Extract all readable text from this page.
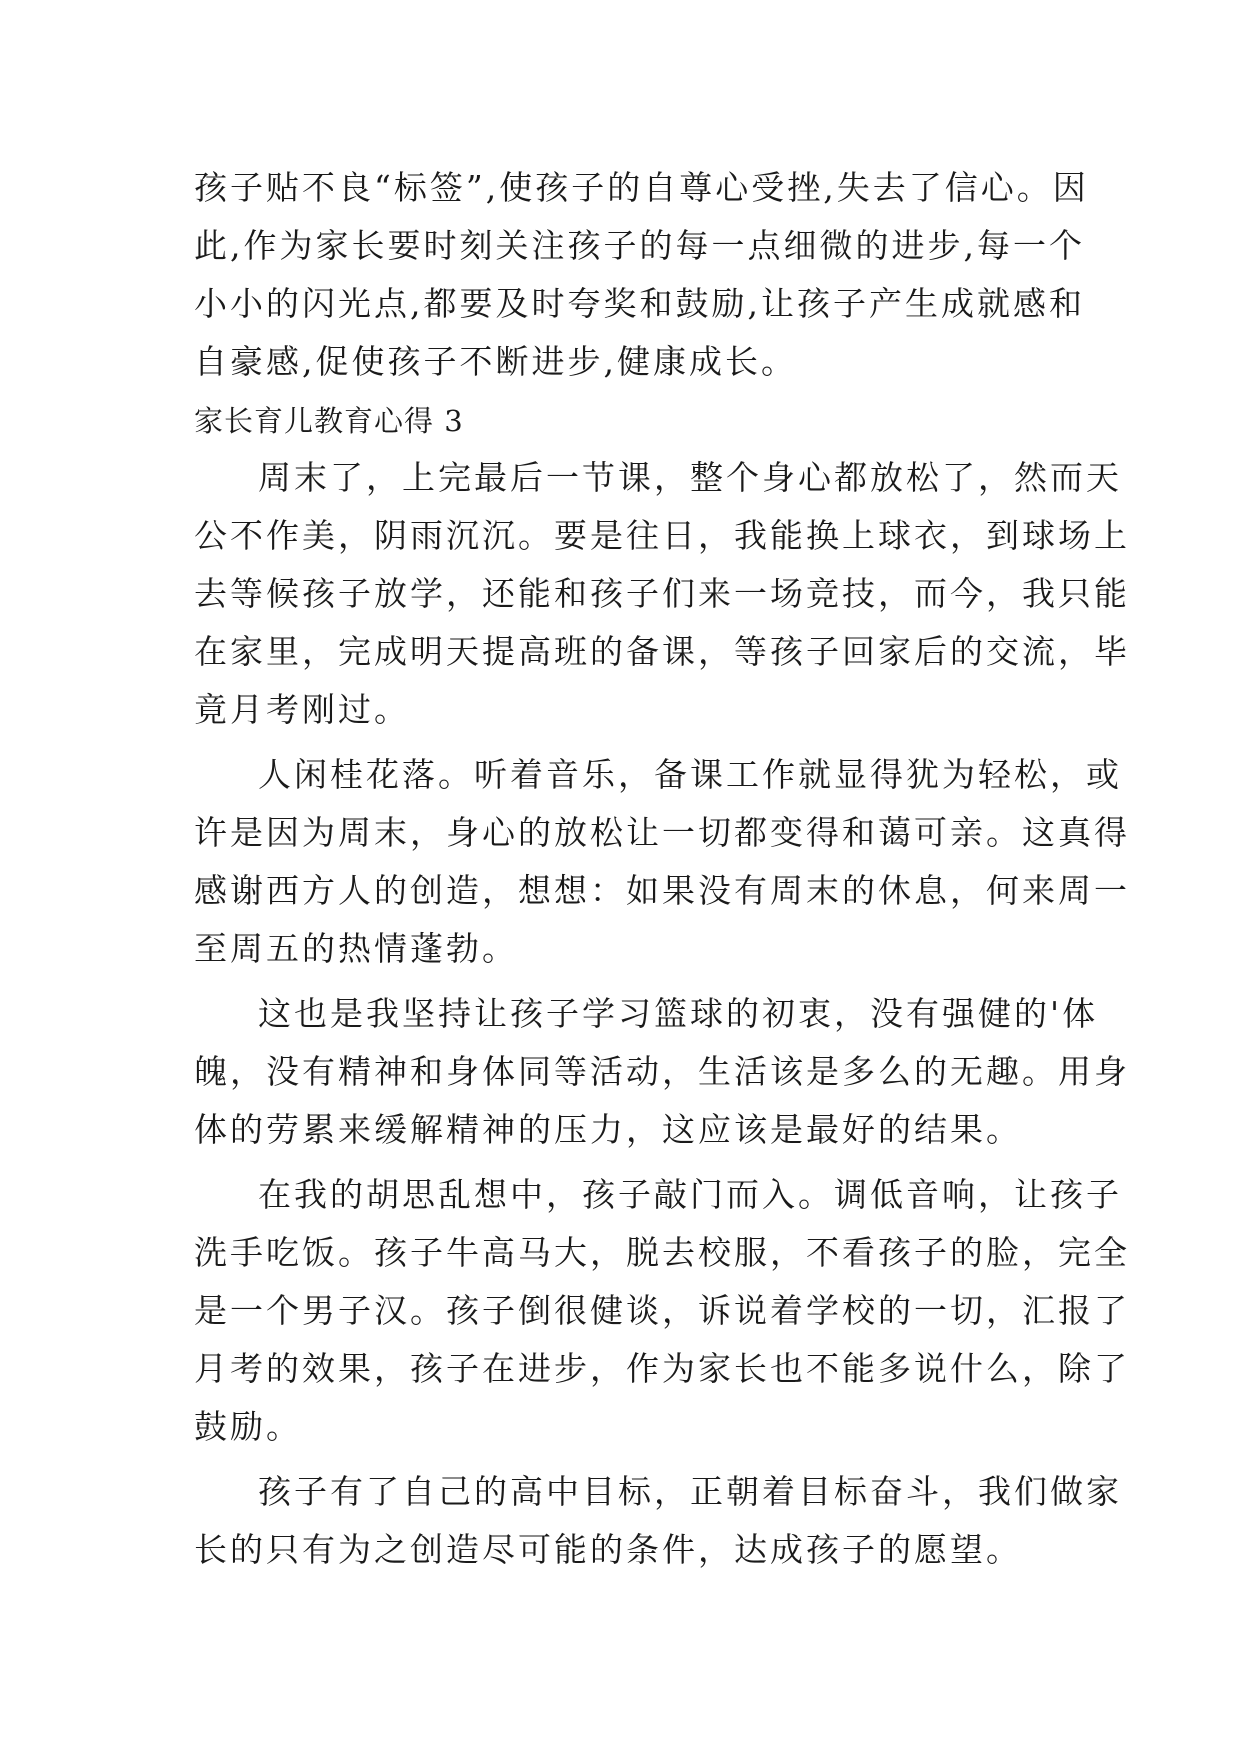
孩子贴不良“标签”,使孩子的自尊心受挫,失去了信心。因
此,作为家长要时刻关注孩子的每一点细微的进步,每一个
小小的闪光点,都要及时夸奖和鼓励,让孩子产生成就感和
自豪感,促使孩子不断进步,健康成长。
家长育儿教育心得 3
周末了，上完最后一节课，整个身心都放松了，然而天
公不作美，阴雨沉沉。要是往日，我能换上球衣，到球场上
去等候孩子放学，还能和孩子们来一场竞技，而今，我只能
在家里，完成明天提高班的备课，等孩子回家后的交流，毕
竟月考刚过。
人闲桂花落。听着音乐，备课工作就显得犹为轻松，或
许是因为周末，身心的放松让一切都变得和蔼可亲。这真得
感谢西方人的创造，想想：如果没有周末的休息，何来周一
至周五的热情蓬勃。
这也是我坚持让孩子学习篮球的初衷，没有强健的'体
魄，没有精神和身体同等活动，生活该是多么的无趣。用身
体的劳累来缓解精神的压力，这应该是最好的结果。
在我的胡思乱想中，孩子敲门而入。调低音响，让孩子
洗手吃饭。孩子牛高马大，脱去校服，不看孩子的脸，完全
是一个男子汉。孩子倒很健谈，诉说着学校的一切，汇报了
月考的效果，孩子在进步，作为家长也不能多说什么，除了
鼓励。
孩子有了自己的高中目标，正朝着目标奋斗，我们做家
长的只有为之创造尽可能的条件，达成孩子的愿望。
